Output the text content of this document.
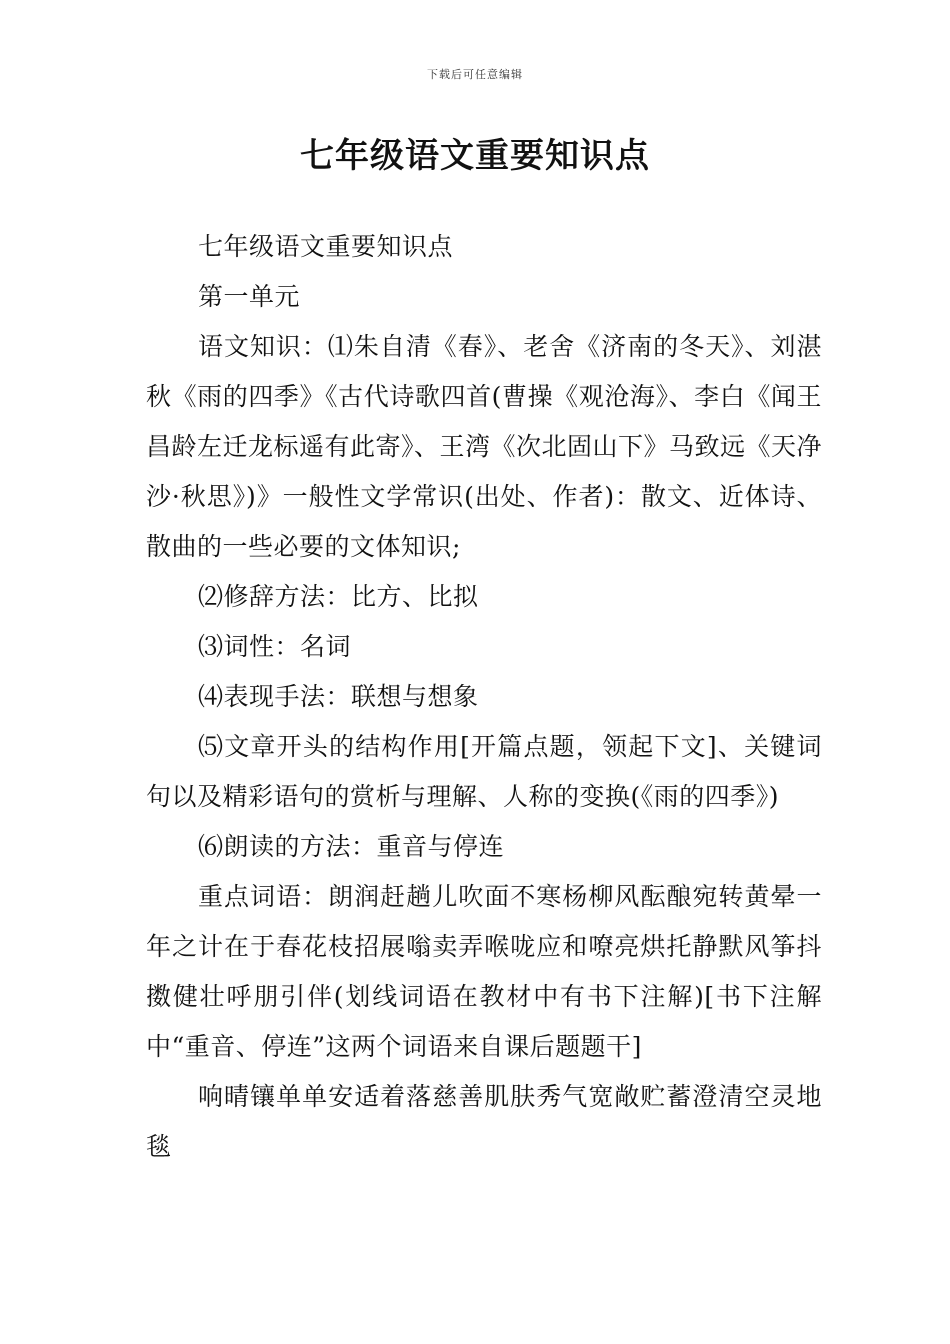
下载后可任意编辑
七年级语文重要知识点

七年级语文重要知识点

第一单元

语文知识：⑴朱自清《春》、老舍《济南的冬天》、刘湛秋《雨的四季》《古代诗歌四首(曹操《观沧海》、李白《闻王昌龄左迁龙标遥有此寄》、王湾《次北固山下》马致远《天净沙·秋思》)》一般性文学常识(出处、作者)：散文、近体诗、散曲的一些必要的文体知识;

⑵修辞方法：比方、比拟

⑶词性：名词

⑷表现手法：联想与想象

⑸文章开头的结构作用[开篇点题，领起下文]、关键词句以及精彩语句的赏析与理解、人称的变换(《雨的四季》)

⑹朗读的方法：重音与停连

重点词语：朗润赶趟儿吹面不寒杨柳风酝酿宛转黄晕一年之计在于春花枝招展嗡卖弄喉咙应和嘹亮烘托静默风筝抖擞健壮呼朋引伴(划线词语在教材中有书下注解)[书下注解中“重音、停连”这两个词语来自课后题题干]

响晴镶单单安适着落慈善肌肤秀气宽敞贮蓄澄清空灵地毯
